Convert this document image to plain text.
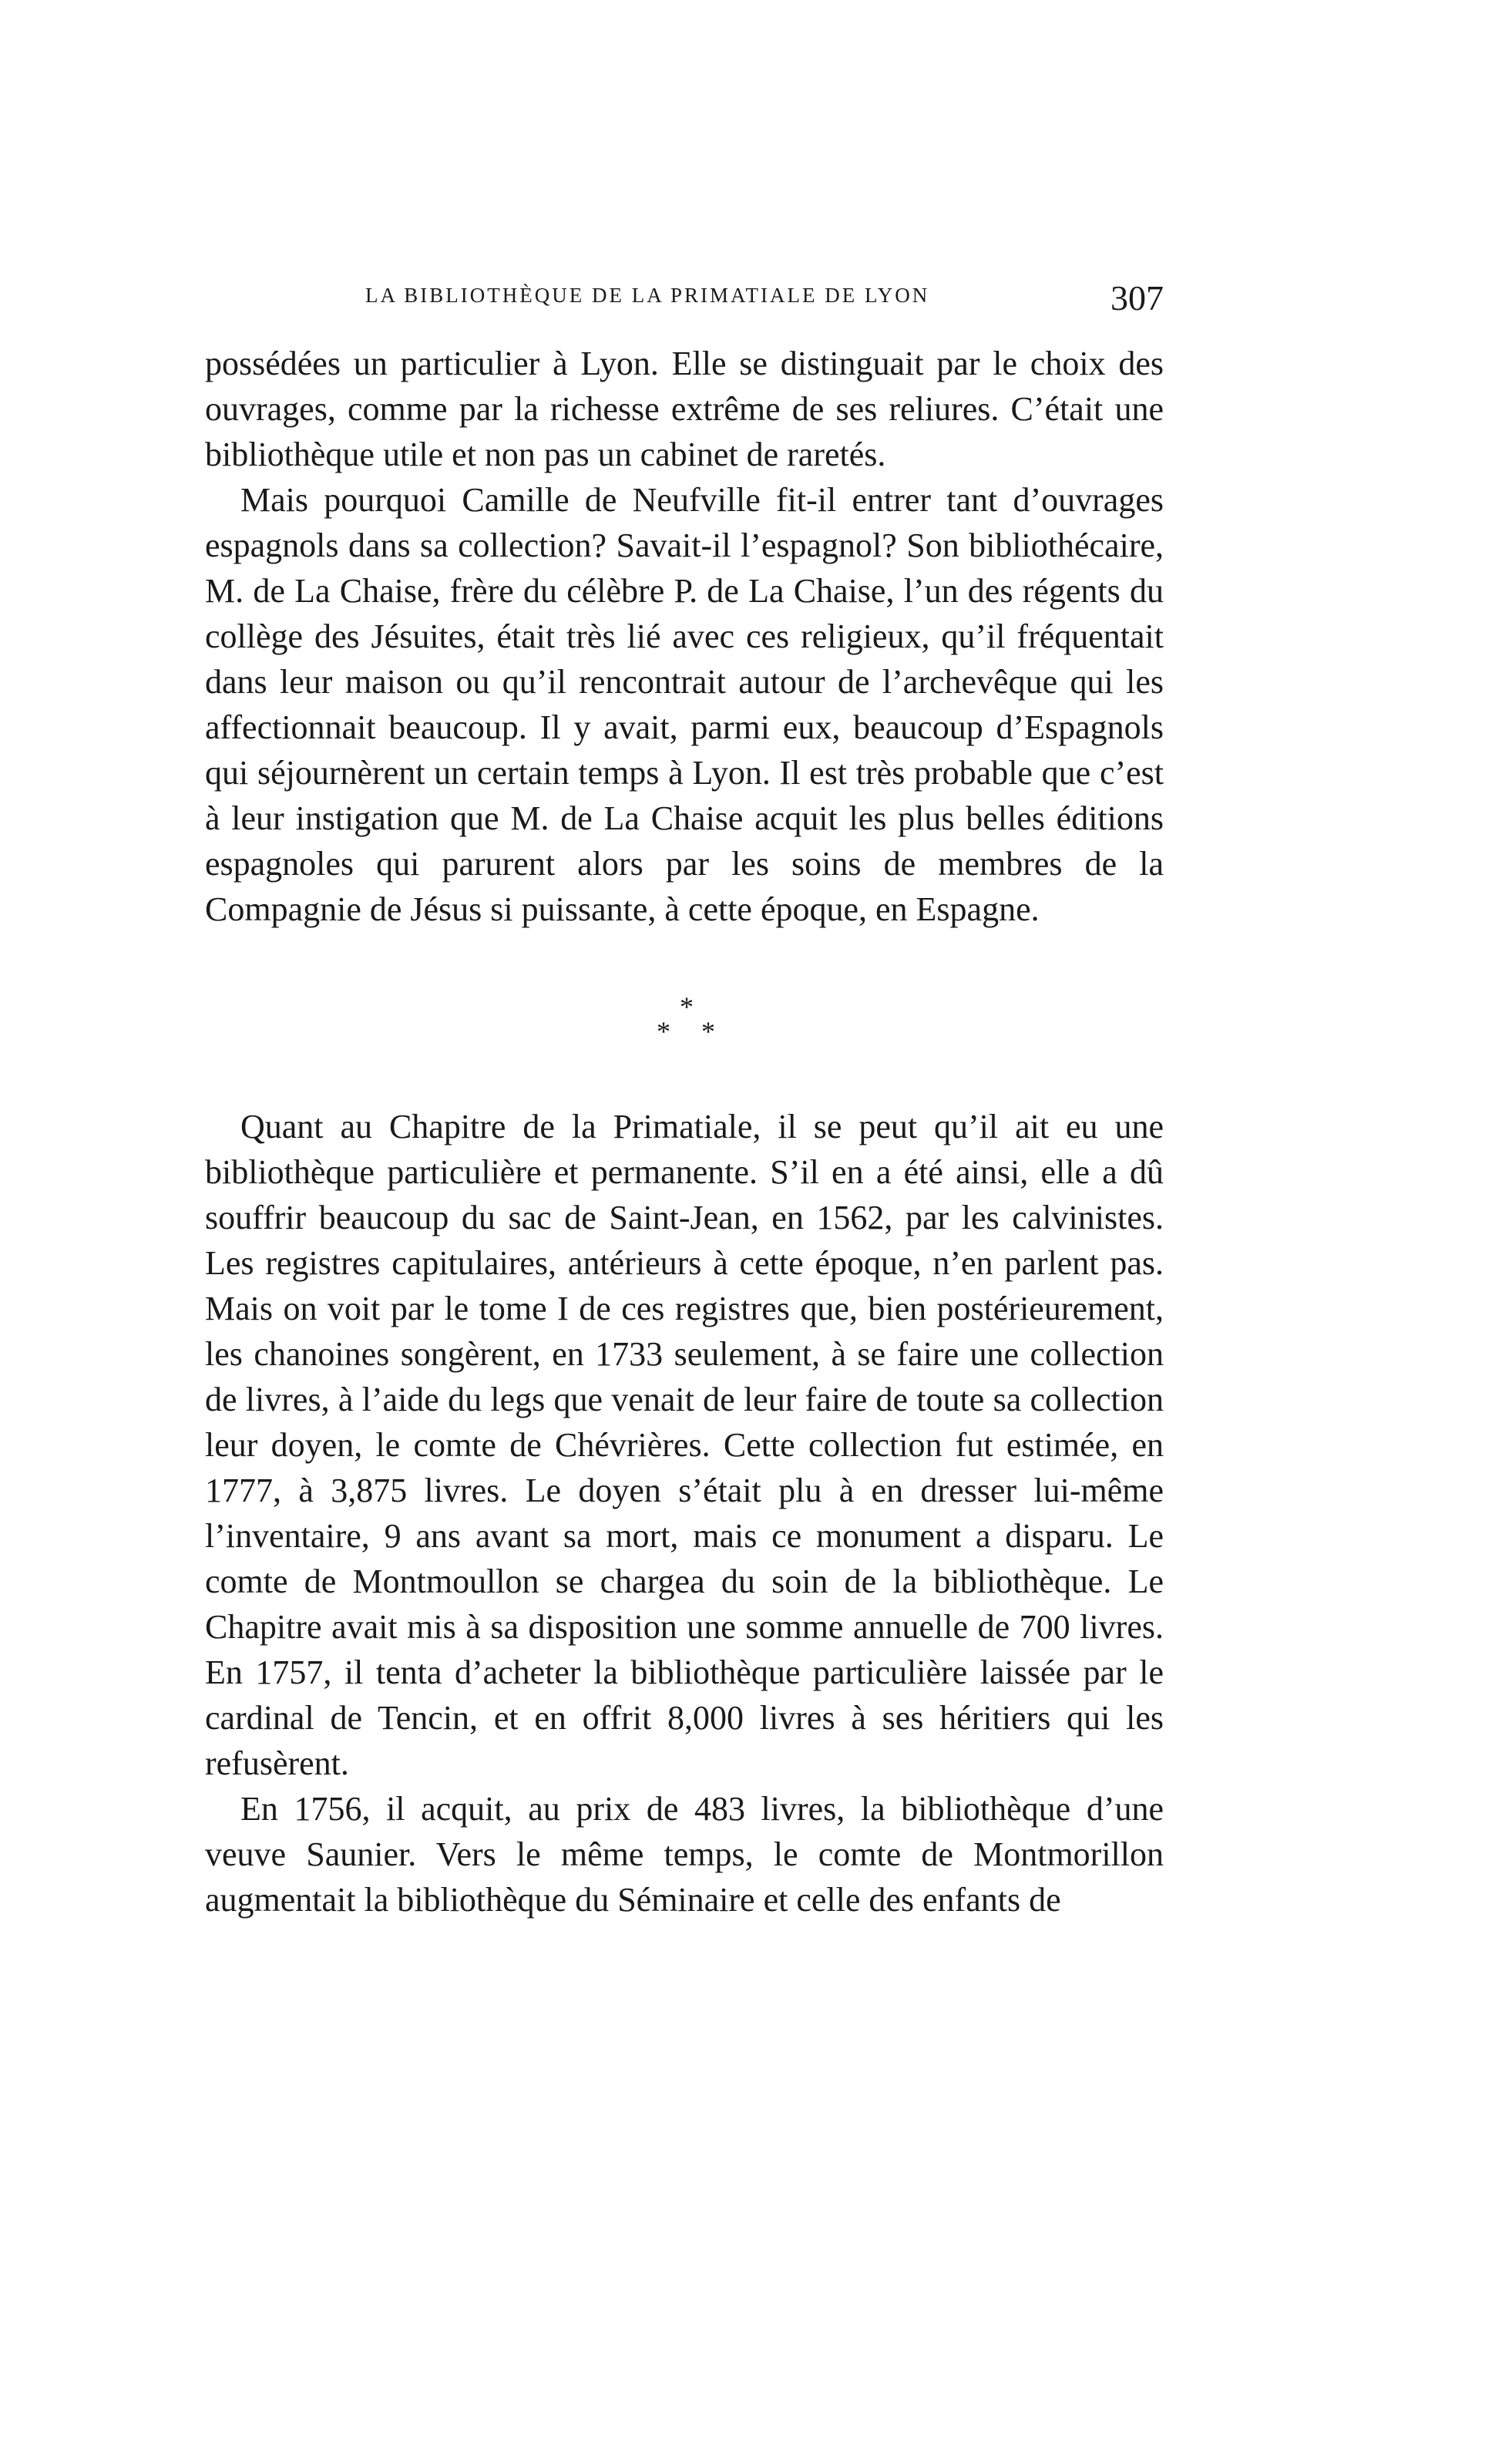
LA BIBLIOTHÈQUE DE LA PRIMATIALE DE LYON	307

possédées un particulier à Lyon. Elle se distinguait par le choix des ouvrages, comme par la richesse extrême de ses reliures. C’était une bibliothèque utile et non pas un cabinet de raretés.

Mais pourquoi Camille de Neufville fit-il entrer tant d’ouvrages espagnols dans sa collection? Savait-il l’espagnol? Son bibliothécaire, M. de La Chaise, frère du célèbre P. de La Chaise, l’un des régents du collège des Jésuites, était très lié avec ces religieux, qu’il fréquentait dans leur maison ou qu’il rencontrait autour de l’archevêque qui les affectionnait beaucoup. Il y avait, parmi eux, beaucoup d’Espagnols qui séjournèrent un certain temps à Lyon. Il est très probable que c’est à leur instigation que M. de La Chaise acquit les plus belles éditions espagnoles qui parurent alors par les soins de membres de la Compagnie de Jésus si puissante, à cette époque, en Espagne.

*
* *

Quant au Chapitre de la Primatiale, il se peut qu’il ait eu une bibliothèque particulière et permanente. S’il en a été ainsi, elle a dû souffrir beaucoup du sac de Saint-Jean, en 1562, par les calvinistes. Les registres capitulaires, antérieurs à cette époque, n’en parlent pas. Mais on voit par le tome I de ces registres que, bien postérieurement, les chanoines songèrent, en 1733 seulement, à se faire une collection de livres, à l’aide du legs que venait de leur faire de toute sa collection leur doyen, le comte de Chévrières. Cette collection fut estimée, en 1777, à 3,875 livres. Le doyen s’était plu à en dresser lui-même l’inventaire, 9 ans avant sa mort, mais ce monument a disparu. Le comte de Montmoullon se chargea du soin de la bibliothèque. Le Chapitre avait mis à sa disposition une somme annuelle de 700 livres. En 1757, il tenta d’acheter la bibliothèque particulière laissée par le cardinal de Tencin, et en offrit 8,000 livres à ses héritiers qui les refusèrent.

En 1756, il acquit, au prix de 483 livres, la bibliothèque d’une veuve Saunier. Vers le même temps, le comte de Montmorillon augmentait la bibliothèque du Séminaire et celle des enfants de
